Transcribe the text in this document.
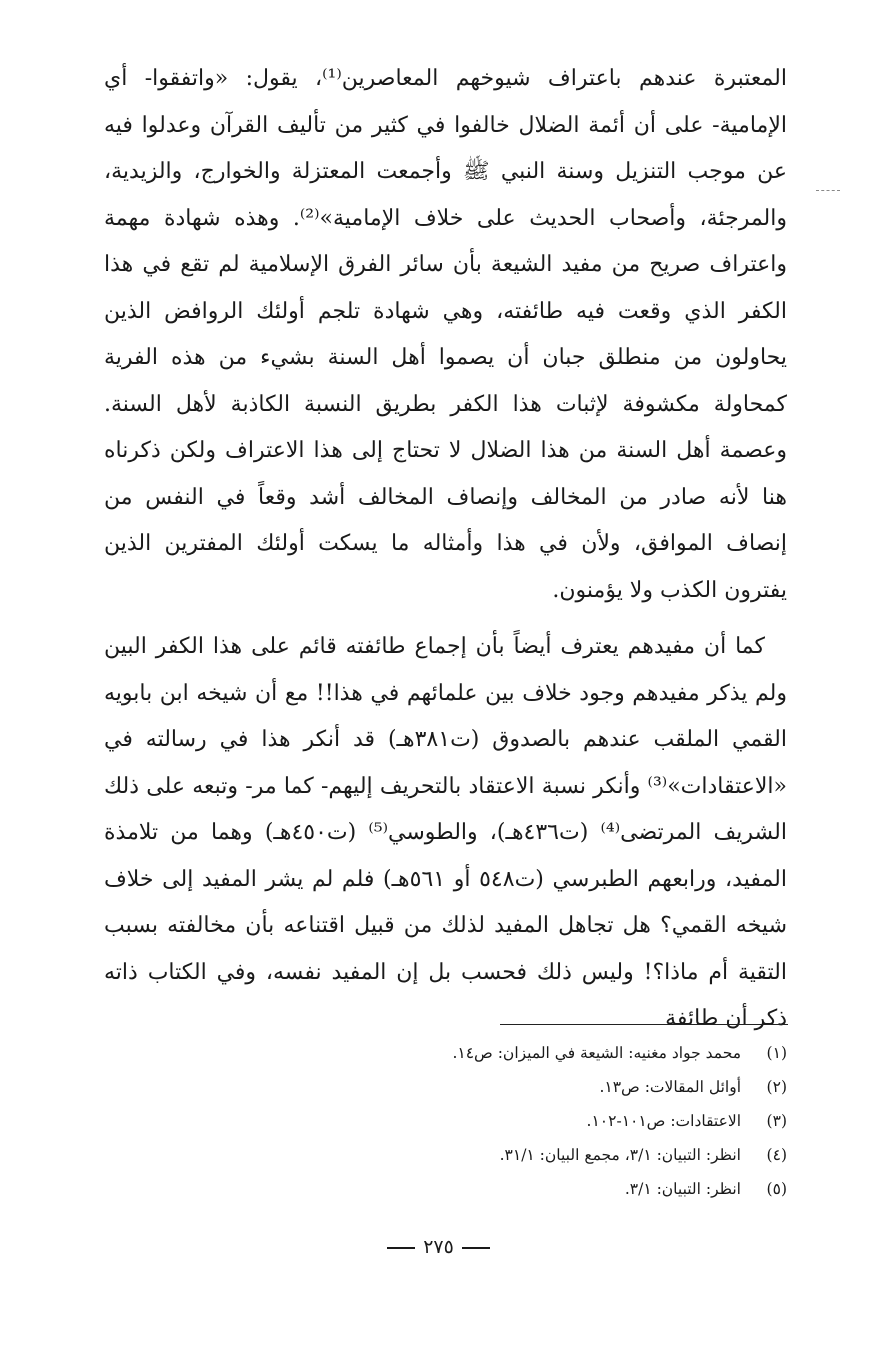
المعتبرة عندهم باعتراف شيوخهم المعاصرين⁽¹⁾، يقول: «واتفقوا- أي الإمامية- على أن أئمة الضلال خالفوا في كثير من تأليف القرآن وعدلوا فيه عن موجب التنزيل وسنة النبي ﷺ وأجمعت المعتزلة والخوارج، والزيدية، والمرجئة، وأصحاب الحديث على خلاف الإمامية»⁽²⁾. وهذه شهادة مهمة واعتراف صريح من مفيد الشيعة بأن سائر الفرق الإسلامية لم تقع في هذا الكفر الذي وقعت فيه طائفته، وهي شهادة تلجم أولئك الروافض الذين يحاولون من منطلق جبان أن يصموا أهل السنة بشيء من هذه الفرية كمحاولة مكشوفة لإثبات هذا الكفر بطريق النسبة الكاذبة لأهل السنة. وعصمة أهل السنة من هذا الضلال لا تحتاج إلى هذا الاعتراف ولكن ذكرناه هنا لأنه صادر من المخالف وإنصاف المخالف أشد وقعاً في النفس من إنصاف الموافق، ولأن في هذا وأمثاله ما يسكت أولئك المفترين الذين يفترون الكذب ولا يؤمنون.

كما أن مفيدهم يعترف أيضاً بأن إجماع طائفته قائم على هذا الكفر البين ولم يذكر مفيدهم وجود خلاف بين علمائهم في هذا!! مع أن شيخه ابن بابويه القمي الملقب عندهم بالصدوق (ت٣٨١هـ) قد أنكر هذا في رسالته في «الاعتقادات»⁽³⁾ وأنكر نسبة الاعتقاد بالتحريف إليهم- كما مر- وتبعه على ذلك الشريف المرتضى⁽⁴⁾ (ت٤٣٦هـ)، والطوسي⁽⁵⁾ (ت٤٥٠هـ) وهما من تلامذة المفيد، ورابعهم الطبرسي (ت٥٤٨ أو ٥٦١هـ) فلم لم يشر المفيد إلى خلاف شيخه القمي؟ هل تجاهل المفيد لذلك من قبيل اقتناعه بأن مخالفته بسبب التقية أم ماذا؟! وليس ذلك فحسب بل إن المفيد نفسه، وفي الكتاب ذاته ذكر أن طائفة

(١)
محمد جواد مغنيه: الشيعة في الميزان: ص١٤.
(٢)
أوائل المقالات: ص١٣.
(٣)
الاعتقادات: ص١٠١-١٠٢.
(٤)
انظر: التبيان: ٣/١، مجمع البيان: ٣١/١.
(٥)
انظر: التبيان: ٣/١.
٢٧٥
